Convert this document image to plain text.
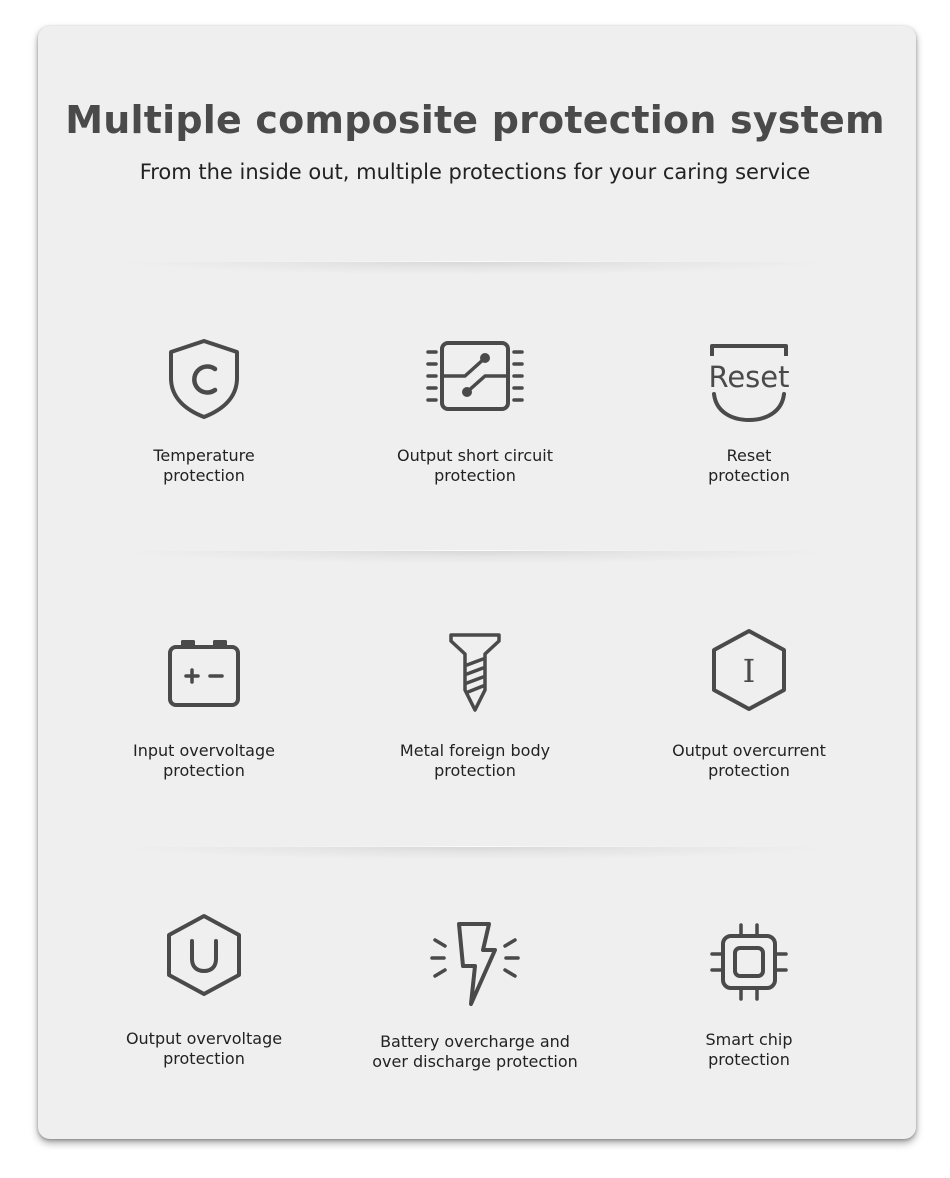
Multiple composite protection system
From the inside out, multiple protections for your caring service
Temperature
protection
Output short circuit
protection
Reset
Reset
protection
Input overvoltage
protection
Metal foreign body
protection
I
Output overcurrent
protection
Output overvoltage
protection
Battery overcharge and
over discharge protection
Smart chip
protection
